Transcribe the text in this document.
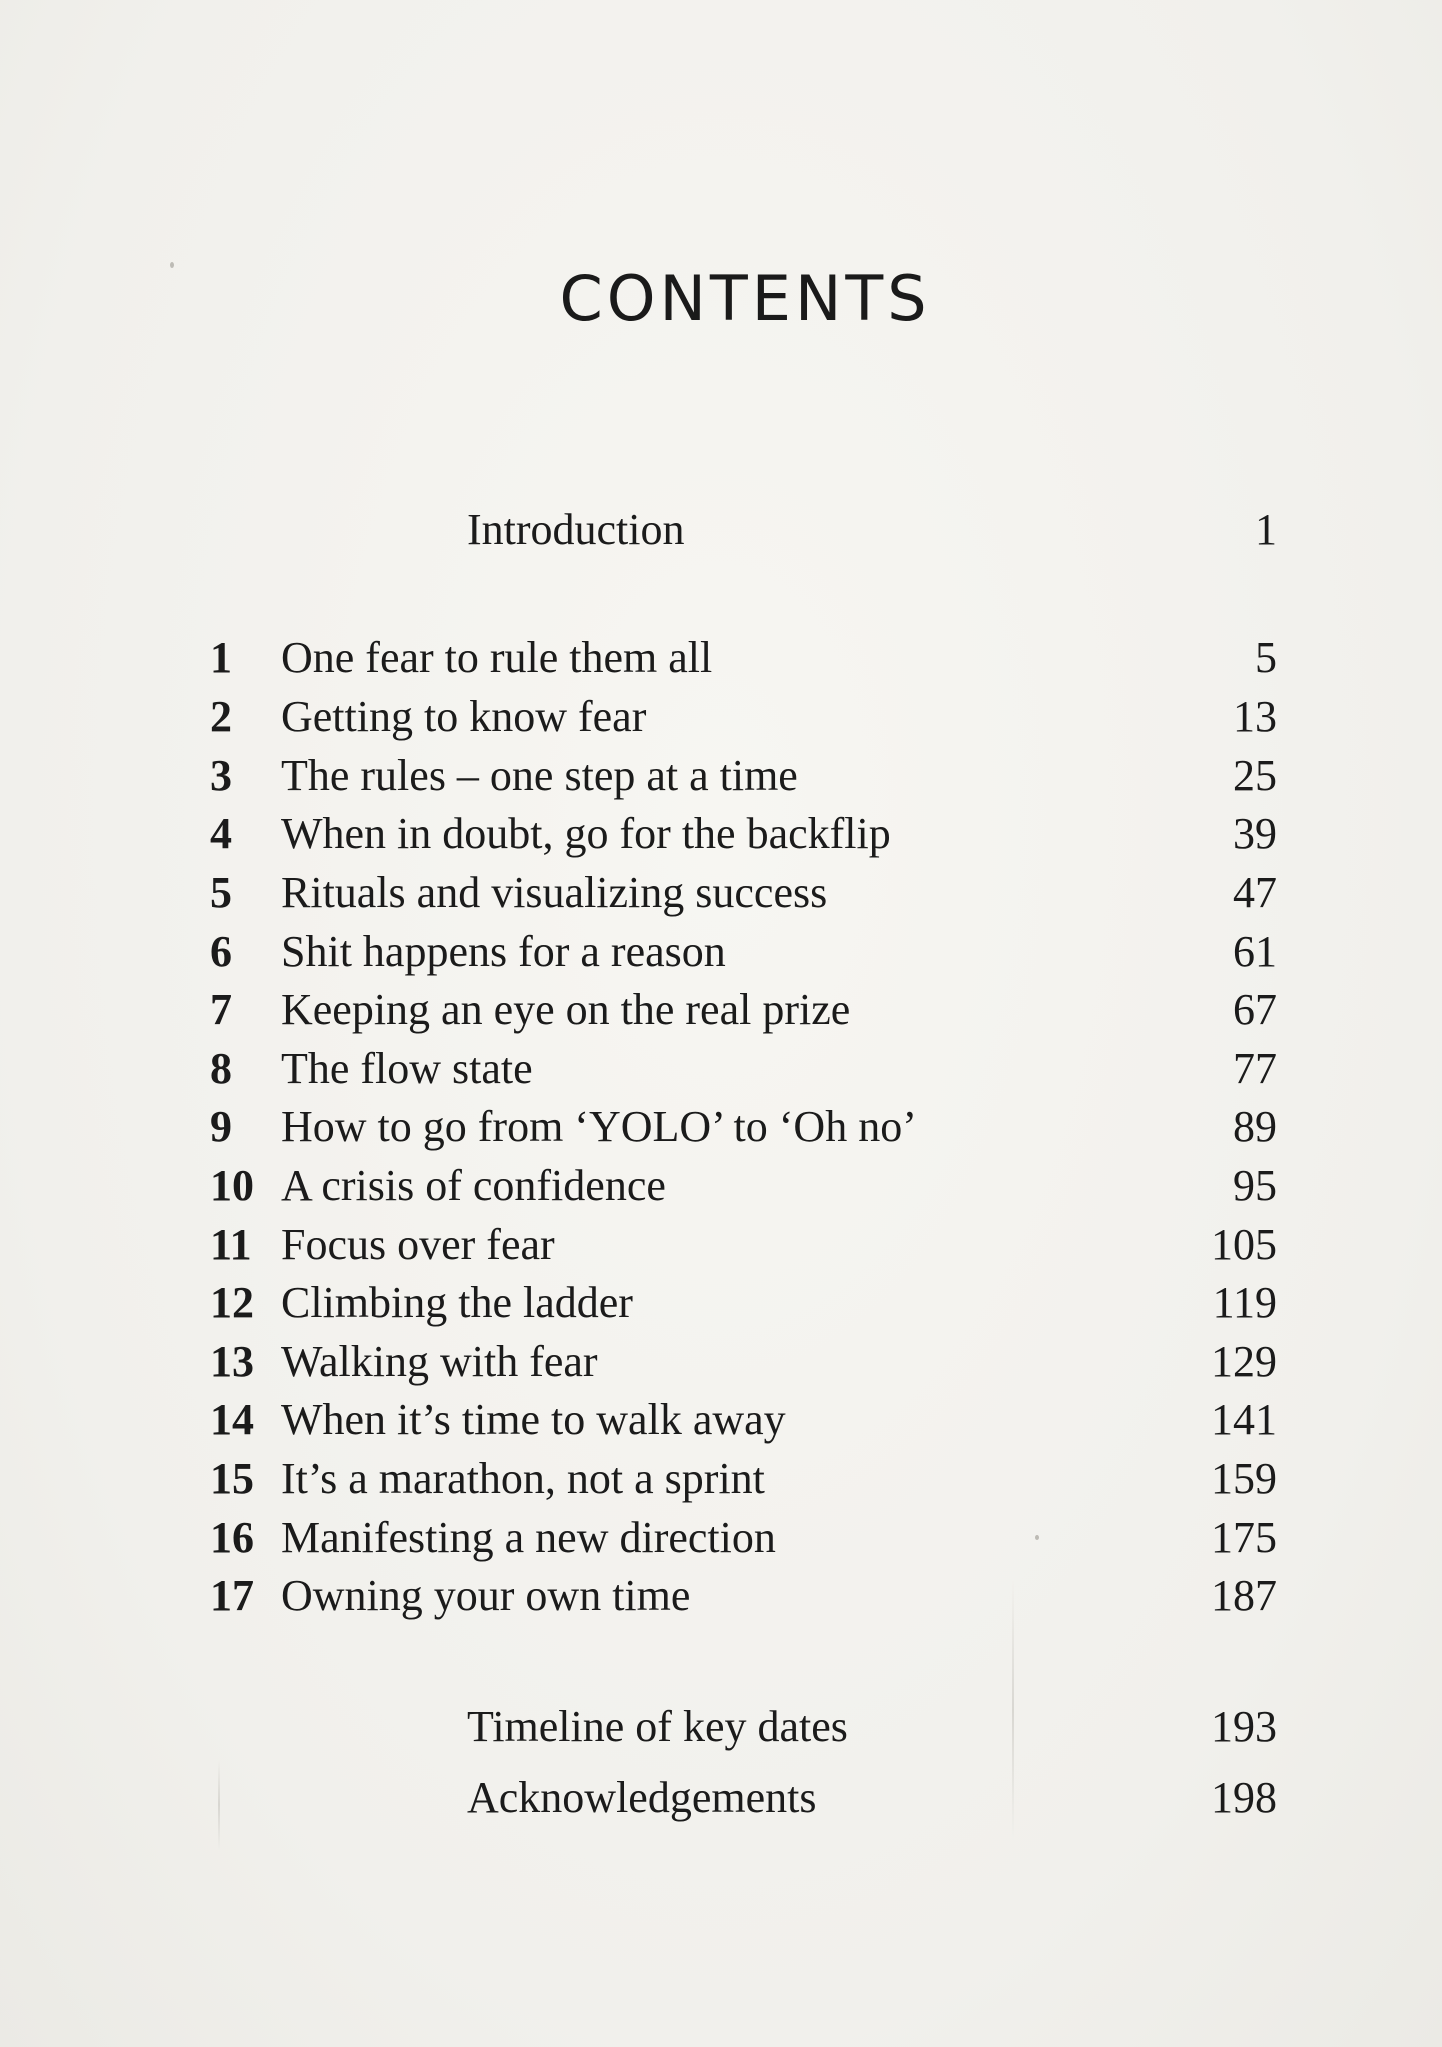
CONTENTS
Introduction	1
1	One fear to rule them all	5
2	Getting to know fear	13
3	The rules – one step at a time	25
4	When in doubt, go for the backflip	39
5	Rituals and visualizing success	47
6	Shit happens for a reason	61
7	Keeping an eye on the real prize	67
8	The flow state	77
9	How to go from ‘YOLO’ to ‘Oh no’	89
10 A crisis of confidence	95
11 Focus over fear	105
12 Climbing the ladder	119
13 Walking with fear	129
14 When it’s time to walk away	141
15 It’s a marathon, not a sprint	159
16 Manifesting a new direction	175
17 Owning your own time	187
Timeline of key dates	193
Acknowledgements	198
